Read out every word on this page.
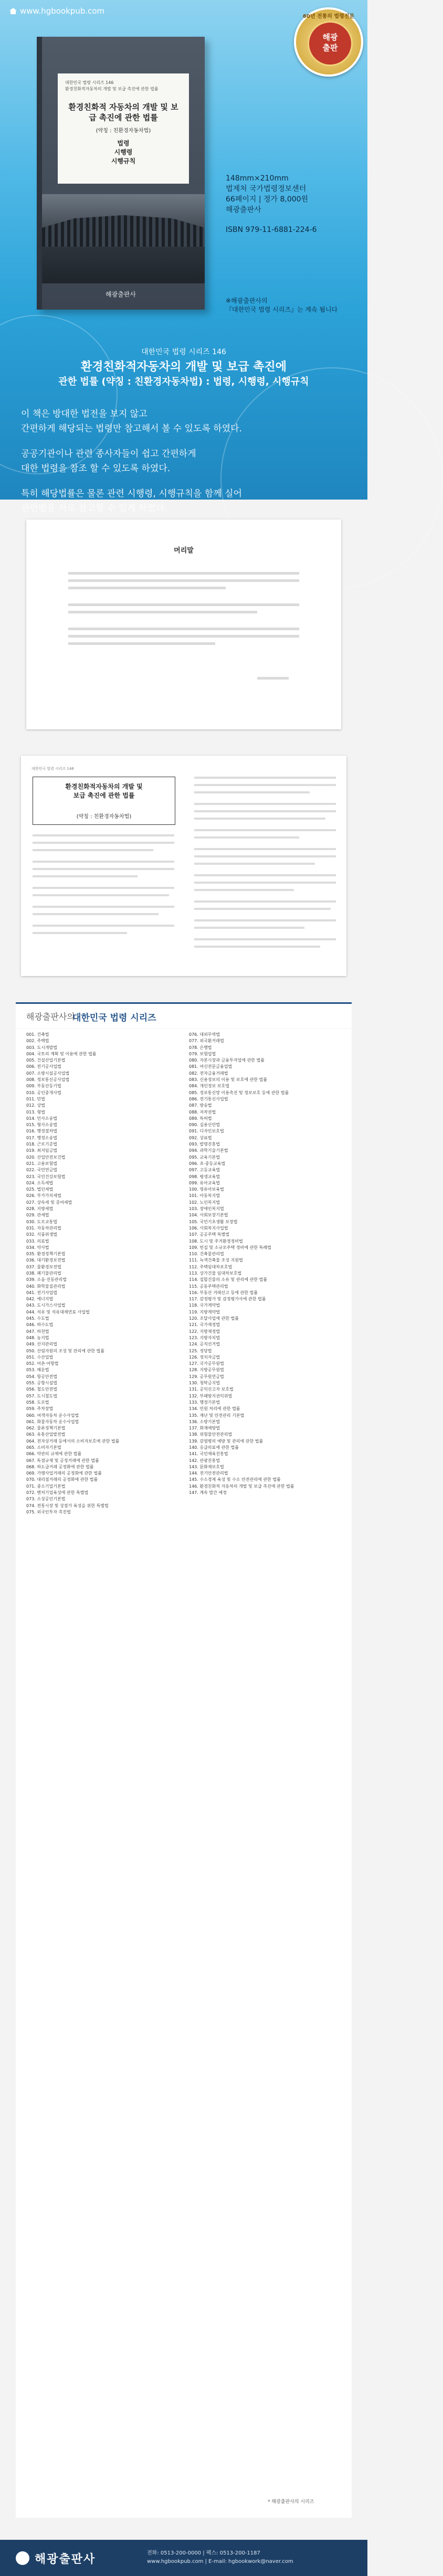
www.hgbookpub.com
60년 전통의 법령전문
해광
출판
대한민국 법령 시리즈 146
환경친화적자동차의 개발 및 보급 촉진에 관한 법률
환경친화적 자동차의 개발 및 보급 촉진에 관한 법률
(약칭 : 친환경자동차법)
법령
시행령
시행규칙
해광출판사
148mm×210mm
법제처 국가법령정보센터
66페이지 | 정가 8,000원
해광출판사
ISBN 979-11-6881-224-6
※해광출판사의
『대한민국 법령 시리즈』는 계속 됩니다
대한민국 법령 시리즈 146
환경친화적자동차의 개발 및 보급 촉진에
관한 법률 (약칭 : 친환경자동차법) : 법령, 시행령, 시행규칙

이 책은 방대한 법전을 보지 않고
간편하게 해당되는 법령만 참고해서 볼 수 있도록 하였다.

공공기관이나 관련 종사자들이 쉽고 간편하게
대한 법령을 참조 할 수 있도록 하였다.

특히 해당법률은 물론 관련 시행령, 시행규칙을 함께 실어
관련법을 서로 참고할 수 있게 하였다.

머리말
대한민국 법령 시리즈 146
환경친화적자동차의 개발 및
보급 촉진에 관한 법률
(약칭 : 친환경자동차법)
해광출판사의
대한민국 법령 시리즈
001. 건축법
002. 주택법
003. 도시개발법
004. 국토의 계획 및 이용에 관한 법률
005. 건설산업기본법
006. 전기공사업법
007. 소방시설공사업법
008. 정보통신공사업법
009. 부동산등기법
010. 공인중개사법
011. 민법
012. 상법
013. 형법
014. 민사소송법
015. 형사소송법
016. 행정절차법
017. 행정소송법
018. 근로기준법
019. 최저임금법
020. 산업안전보건법
021. 고용보험법
022. 국민연금법
023. 국민건강보험법
024. 소득세법
025. 법인세법
026. 부가가치세법
027. 상속세 및 증여세법
028. 지방세법
029. 관세법
030. 도로교통법
031. 자동차관리법
032. 식품위생법
033. 의료법
034. 약사법
035. 환경정책기본법
036. 대기환경보전법
037. 물환경보전법
038. 폐기물관리법
039. 소음·진동관리법
040. 화학물질관리법
041. 전기사업법
042. 에너지법
043. 도시가스사업법
044. 석유 및 석유대체연료 사업법
045. 수도법
046. 하수도법
047. 하천법
048. 농지법
049. 산지관리법
050. 산림자원의 조성 및 관리에 관한 법률
051. 수산업법
052. 어촌·어항법
053. 해운법
054. 항공안전법
055. 공항시설법
056. 철도안전법
057. 도시철도법
058. 도로법
059. 주차장법
060. 여객자동차 운수사업법
061. 화물자동차 운수사업법
062. 물류정책기본법
063. 유통산업발전법
064. 전자상거래 등에서의 소비자보호에 관한 법률
065. 소비자기본법
066. 약관의 규제에 관한 법률
067. 독점규제 및 공정거래에 관한 법률
068. 하도급거래 공정화에 관한 법률
069. 가맹사업거래의 공정화에 관한 법률
070. 대리점거래의 공정화에 관한 법률
071. 중소기업기본법
072. 벤처기업육성에 관한 특별법
073. 소상공인기본법
074. 전통시장 및 상점가 육성을 위한 특별법
075. 외국인투자 촉진법
076. 대외무역법
077. 외국환거래법
078. 은행법
079. 보험업법
080. 자본시장과 금융투자업에 관한 법률
081. 여신전문금융업법
082. 전자금융거래법
083. 신용정보의 이용 및 보호에 관한 법률
084. 개인정보 보호법
085. 정보통신망 이용촉진 및 정보보호 등에 관한 법률
086. 전기통신사업법
087. 방송법
088. 저작권법
089. 특허법
090. 실용신안법
091. 디자인보호법
092. 상표법
093. 발명진흥법
094. 과학기술기본법
095. 교육기본법
096. 초·중등교육법
097. 고등교육법
098. 평생교육법
099. 유아교육법
100. 영유아보육법
101. 아동복지법
102. 노인복지법
103. 장애인복지법
104. 사회보장기본법
105. 국민기초생활 보장법
106. 사회복지사업법
107. 공공주택 특별법
108. 도시 및 주거환경정비법
109. 빈집 및 소규모주택 정비에 관한 특례법
110. 건축물관리법
111. 녹색건축물 조성 지원법
112. 주택임대차보호법
113. 상가건물 임대차보호법
114. 집합건물의 소유 및 관리에 관한 법률
115. 공동주택관리법
116. 부동산 거래신고 등에 관한 법률
117. 감정평가 및 감정평가사에 관한 법률
118. 국가계약법
119. 지방계약법
120. 조달사업에 관한 법률
121. 국가재정법
122. 지방재정법
123. 지방자치법
124. 공직선거법
125. 정당법
126. 정치자금법
127. 국가공무원법
128. 지방공무원법
129. 공무원연금법
130. 청탁금지법
131. 공익신고자 보호법
132. 부패방지권익위법
133. 행정기본법
134. 민원 처리에 관한 법률
135. 재난 및 안전관리 기본법
136. 소방기본법
137. 화재예방법
138. 위험물안전관리법
139. 감염병의 예방 및 관리에 관한 법률
140. 응급의료에 관한 법률
141. 국민체육진흥법
142. 관광진흥법
143. 문화재보호법
144. 전기안전관리법
145. 수소경제 육성 및 수소 안전관리에 관한 법률
146. 환경친화적 자동차의 개발 및 보급 촉진에 관한 법률
147. 계속 발간 예정
* 해광출판사의 시리즈
해광출판사	전화: 0513-200-0000 | 팩스: 0513-200-1187
www.hgbookpub.com | E-mail: hgbookwork@naver.com
